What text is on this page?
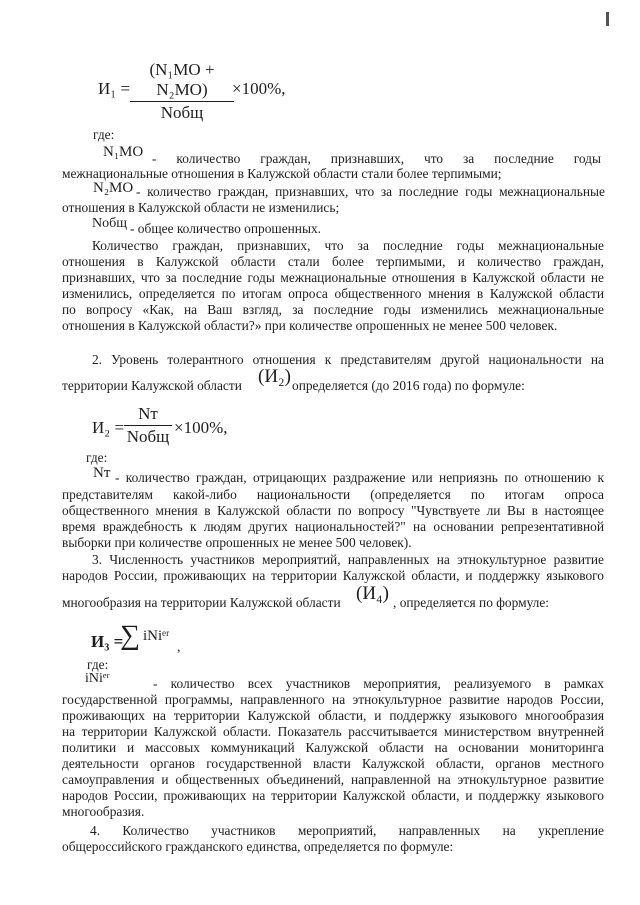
И₁ =
(N₁МО + N₂МО)
Nобщ
×100%,
где:
N₁МО - количество граждан, признавших, что за последние годы
межнациональные отношения в Калужской области стали более терпимыми;
N₂МО - количество граждан, признавших, что за последние годы межнациональные
отношения в Калужской области не изменились;
Nобщ - общее количество опрошенных.
Количество граждан, признавших, что за последние годы межнациональные
отношения в Калужской области стали более терпимыми, и количество граждан,
признавших, что за последние годы межнациональные отношения в Калужской области не
изменились, определяется по итогам опроса общественного мнения в Калужской области
по вопросу «Как, на Ваш взгляд, за последние годы изменились межнациональные
отношения в Калужской области?» при количестве опрошенных не менее 500 человек.
2. Уровень толерантного отношения к представителям другой национальности на
территории Калужской области (И₂) определяется (до 2016 года) по формуле:
И₂ =
Nт
Nобщ ×100%,
где:
Nт - количество граждан, отрицающих раздражение или неприязнь по отношению к
представителям какой-либо национальности (определяется по итогам опроса
общественного мнения в Калужской области по вопросу "Чувствуете ли Вы в настоящее
время враждебность к людям других национальностей?" на основании репрезентативной
выборки при количестве опрошенных не менее 500 человек).
3. Численность участников мероприятий, направленных на этнокультурное развитие
народов России, проживающих на территории Калужской области, и поддержку языкового
многообразия на территории Калужской области (И₄) , определяется по формуле:
И₃ =
∑ iNiᵉʳ
,
где:
iNiᵉʳ	- количество всех участников мероприятия, реализуемого в рамках
государственной программы, направленного на этнокультурное развитие народов России,
проживающих на территории Калужской области, и поддержку языкового многообразия
на территории Калужской области. Показатель рассчитывается министерством внутренней
политики и массовых коммуникаций Калужской области на основании мониторинга
деятельности органов государственной власти Калужской области, органов местного
самоуправления и общественных объединений, направленной на этнокультурное развитие
народов России, проживающих на территории Калужской области, и поддержку языкового
многообразия.
4. Количество участников мероприятий, направленных на укрепление
общероссийского гражданского единства, определяется по формуле:
